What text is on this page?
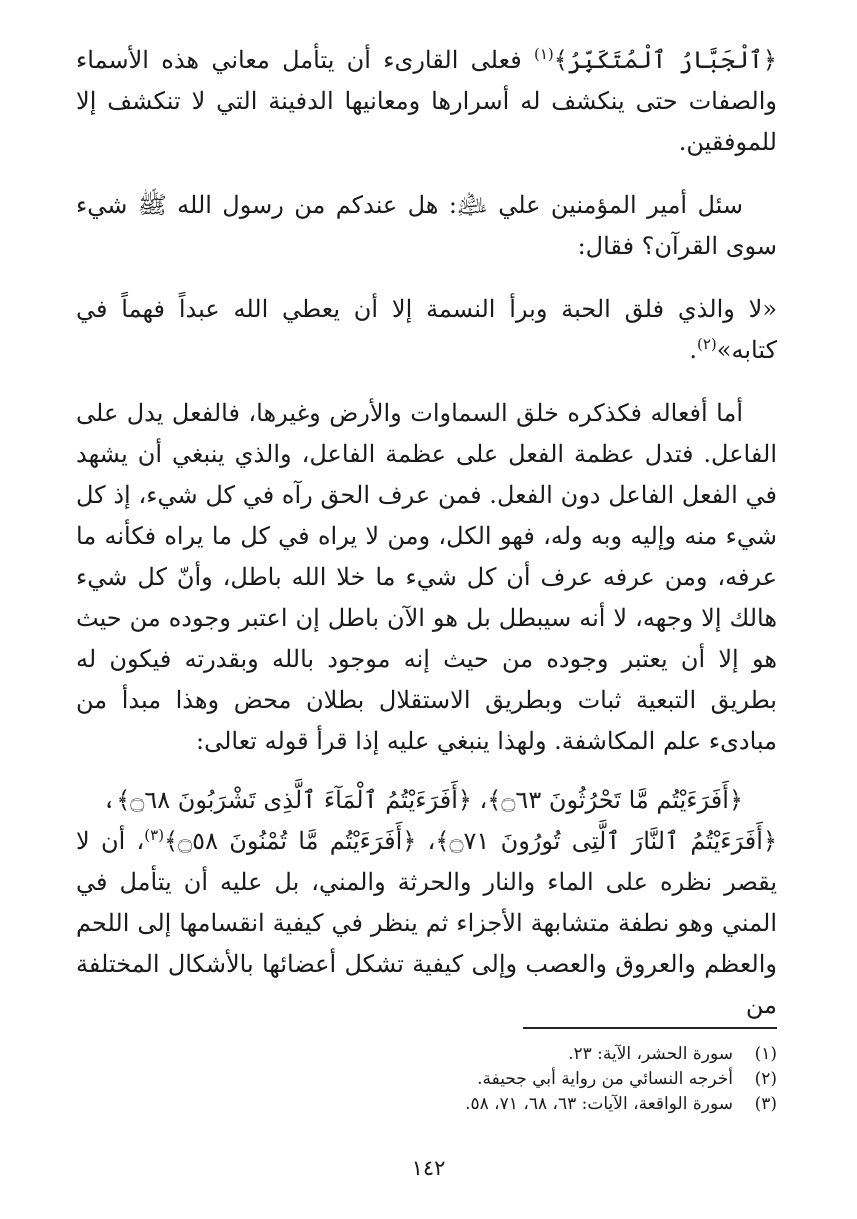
﴿ٱلْجَبَّارُ ٱلْمُتَكَبِّرُ﴾$^{(١)}$ فعلى القارىء أن يتأمل معاني هذه الأسماء والصفات حتى ينكشف له أسرارها ومعانيها الدفينة التي لا تنكشف إلا للموفقين.

سئل أمير المؤمنين علي ﵇: هل عندكم من رسول الله ﷺ شيء سوى القرآن؟ فقال:

«لا والذي فلق الحبة وبرأ النسمة إلا أن يعطي الله عبداً فهماً في كتابه»$^{(٢)}$.

أما أفعاله فكذكره خلق السماوات والأرض وغيرها، فالفعل يدل على الفاعل. فتدل عظمة الفعل على عظمة الفاعل، والذي ينبغي أن يشهد في الفعل الفاعل دون الفعل. فمن عرف الحق رآه في كل شيء، إذ كل شيء منه وإليه وبه وله، فهو الكل، ومن لا يراه في كل ما يراه فكأنه ما عرفه، ومن عرفه عرف أن كل شيء ما خلا الله باطل، وأنّ كل شيء هالك إلا وجهه، لا أنه سيبطل بل هو الآن باطل إن اعتبر وجوده من حيث هو إلا أن يعتبر وجوده من حيث إنه موجود بالله وبقدرته فيكون له بطريق التبعية ثبات وبطريق الاستقلال بطلان محض وهذا مبدأ من مبادىء علم المكاشفة. ولهذا ينبغي عليه إذا قرأ قوله تعالى:

﴿أَفَرَءَيْتُم مَّا تَحْرُثُونَ ۝٦٣﴾، ﴿أَفَرَءَيْتُمُ ٱلْمَآءَ ٱلَّذِى تَشْرَبُونَ ۝٦٨﴾،
﴿أَفَرَءَيْتُمُ ٱلنَّارَ ٱلَّتِى تُورُونَ ۝٧١﴾، ﴿أَفَرَءَيْتُم مَّا تُمْنُونَ ۝٥٨﴾$^{(٣)}$، أن لا يقصر نظره على الماء والنار والحرثة والمني، بل عليه أن يتأمل في المني وهو نطفة متشابهة الأجزاء ثم ينظر في كيفية انقسامها إلى اللحم والعظم والعروق والعصب وإلى كيفية تشكل أعضائها بالأشكال المختلفة من

(١)
سورة الحشر، الآية: ٢٣.
(٢)
أخرجه النسائي من رواية أبي جحيفة.
(٣)
سورة الواقعة، الآيات: ٦٣، ٦٨، ٧١، ٥٨.
١٤٢
